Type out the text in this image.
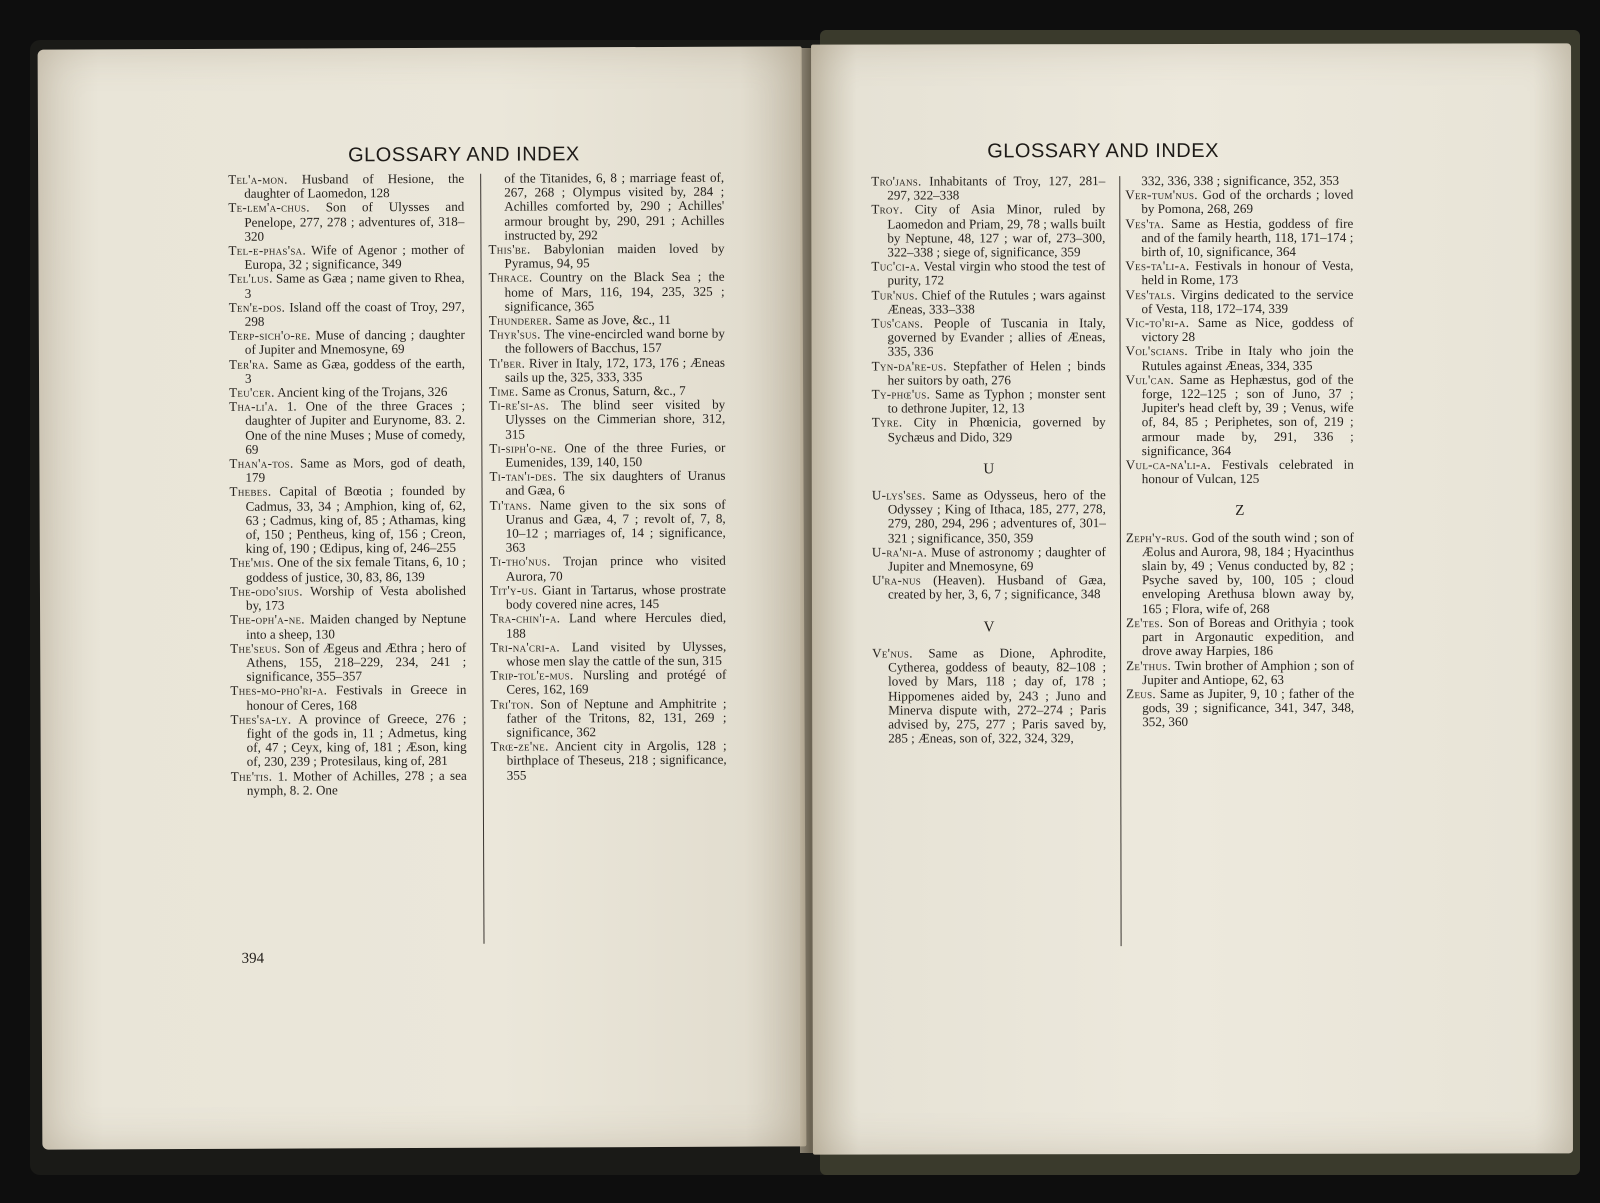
GLOSSARY AND INDEX

Tel'a-mon. Husband of Hesione, the daughter of Laomedon, 128

Te-lem'a-chus. Son of Ulysses and Penelope, 277, 278 ; adventures of, 318–320

Tel-e-phas'sa. Wife of Agenor ; mother of Europa, 32 ; significance, 349

Tel'lus. Same as Gæa ; name given to Rhea, 3

Ten'e-dos. Island off the coast of Troy, 297, 298

Terp-sich'o-re. Muse of dancing ; daughter of Jupiter and Mnemosyne, 69

Ter'ra. Same as Gæa, goddess of the earth, 3

Teu'cer. Ancient king of the Trojans, 326

Tha-li'a. 1. One of the three Graces ; daughter of Jupiter and Eurynome, 83. 2. One of the nine Muses ; Muse of comedy, 69

Than'a-tos. Same as Mors, god of death, 179

Thebes. Capital of Bœotia ; founded by Cadmus, 33, 34 ; Amphion, king of, 62, 63 ; Cadmus, king of, 85 ; Athamas, king of, 150 ; Pentheus, king of, 156 ; Creon, king of, 190 ; Œdipus, king of, 246–255

The'mis. One of the six female Titans, 6, 10 ; goddess of justice, 30, 83, 86, 139

The-odo'sius. Worship of Vesta abolished by, 173

The-oph'a-ne. Maiden changed by Neptune into a sheep, 130

The'seus. Son of Ægeus and Æthra ; hero of Athens, 155, 218–229, 234, 241 ; significance, 355–357

Thes-mo-pho'ri-a. Festivals in Greece in honour of Ceres, 168

Thes'sa-ly. A province of Greece, 276 ; fight of the gods in, 11 ; Admetus, king of, 47 ; Ceyx, king of, 181 ; Æson, king of, 230, 239 ; Protesilaus, king of, 281

The'tis. 1. Mother of Achilles, 278 ; a sea nymph, 8. 2. One

of the Titanides, 6, 8 ; marriage feast of, 267, 268 ; Olympus visited by, 284 ; Achilles comforted by, 290 ; Achilles' armour brought by, 290, 291 ; Achilles instructed by, 292

This'be. Babylonian maiden loved by Pyramus, 94, 95

Thrace. Country on the Black Sea ; the home of Mars, 116, 194, 235, 325 ; significance, 365

Thunderer. Same as Jove, &c., 11

Thyr'sus. The vine-encircled wand borne by the followers of Bacchus, 157

Ti'ber. River in Italy, 172, 173, 176 ; Æneas sails up the, 325, 333, 335

Time. Same as Cronus, Saturn, &c., 7

Ti-re'si-as. The blind seer visited by Ulysses on the Cimmerian shore, 312, 315

Ti-siph'o-ne. One of the three Furies, or Eumenides, 139, 140, 150

Ti-tan'i-des. The six daughters of Uranus and Gæa, 6

Ti'tans. Name given to the six sons of Uranus and Gæa, 4, 7 ; revolt of, 7, 8, 10–12 ; marriages of, 14 ; significance, 363

Ti-tho'nus. Trojan prince who visited Aurora, 70

Tit'y-us. Giant in Tartarus, whose prostrate body covered nine acres, 145

Tra-chin'i-a. Land where Hercules died, 188

Tri-na'cri-a. Land visited by Ulysses, whose men slay the cattle of the sun, 315

Trip-tol'e-mus. Nursling and protégé of Ceres, 162, 169

Tri'ton. Son of Neptune and Amphitrite ; father of the Tritons, 82, 131, 269 ; significance, 362

Trœ-ze'ne. Ancient city in Argolis, 128 ; birthplace of Theseus, 218 ; significance, 355

394
GLOSSARY AND INDEX

Tro'jans. Inhabitants of Troy, 127, 281–297, 322–338

Troy. City of Asia Minor, ruled by Laomedon and Priam, 29, 78 ; walls built by Neptune, 48, 127 ; war of, 273–300, 322–338 ; siege of, significance, 359

Tuc'ci-a. Vestal virgin who stood the test of purity, 172

Tur'nus. Chief of the Rutules ; wars against Æneas, 333–338

Tus'cans. People of Tuscania in Italy, governed by Evander ; allies of Æneas, 335, 336

Tyn-da're-us. Stepfather of Helen ; binds her suitors by oath, 276

Ty-phœ'us. Same as Typhon ; monster sent to dethrone Jupiter, 12, 13

Tyre. City in Phœnicia, governed by Sychæus and Dido, 329

U

U-lys'ses. Same as Odysseus, hero of the Odyssey ; King of Ithaca, 185, 277, 278, 279, 280, 294, 296 ; adventures of, 301–321 ; significance, 350, 359

U-ra'ni-a. Muse of astronomy ; daughter of Jupiter and Mnemosyne, 69

U'ra-nus (Heaven). Husband of Gæa, created by her, 3, 6, 7 ; significance, 348

V

Ve'nus. Same as Dione, Aphrodite, Cytherea, goddess of beauty, 82–108 ; loved by Mars, 118 ; day of, 178 ; Hippomenes aided by, 243 ; Juno and Minerva dispute with, 272–274 ; Paris advised by, 275, 277 ; Paris saved by, 285 ; Æneas, son of, 322, 324, 329,

332, 336, 338 ; significance, 352, 353

Ver-tum'nus. God of the orchards ; loved by Pomona, 268, 269

Ves'ta. Same as Hestia, goddess of fire and of the family hearth, 118, 171–174 ; birth of, 10, significance, 364

Ves-ta'li-a. Festivals in honour of Vesta, held in Rome, 173

Ves'tals. Virgins dedicated to the service of Vesta, 118, 172–174, 339

Vic-to'ri-a. Same as Nice, goddess of victory 28

Vol'scians. Tribe in Italy who join the Rutules against Æneas, 334, 335

Vul'can. Same as Hephæstus, god of the forge, 122–125 ; son of Juno, 37 ; Jupiter's head cleft by, 39 ; Venus, wife of, 84, 85 ; Periphetes, son of, 219 ; armour made by, 291, 336 ; significance, 364

Vul-ca-na'li-a. Festivals celebrated in honour of Vulcan, 125

Z

Zeph'y-rus. God of the south wind ; son of Æolus and Aurora, 98, 184 ; Hyacinthus slain by, 49 ; Venus conducted by, 82 ; Psyche saved by, 100, 105 ; cloud enveloping Arethusa blown away by, 165 ; Flora, wife of, 268

Ze'tes. Son of Boreas and Orithyia ; took part in Argonautic expedition, and drove away Harpies, 186

Ze'thus. Twin brother of Amphion ; son of Jupiter and Antiope, 62, 63

Zeus. Same as Jupiter, 9, 10 ; father of the gods, 39 ; significance, 341, 347, 348, 352, 360
